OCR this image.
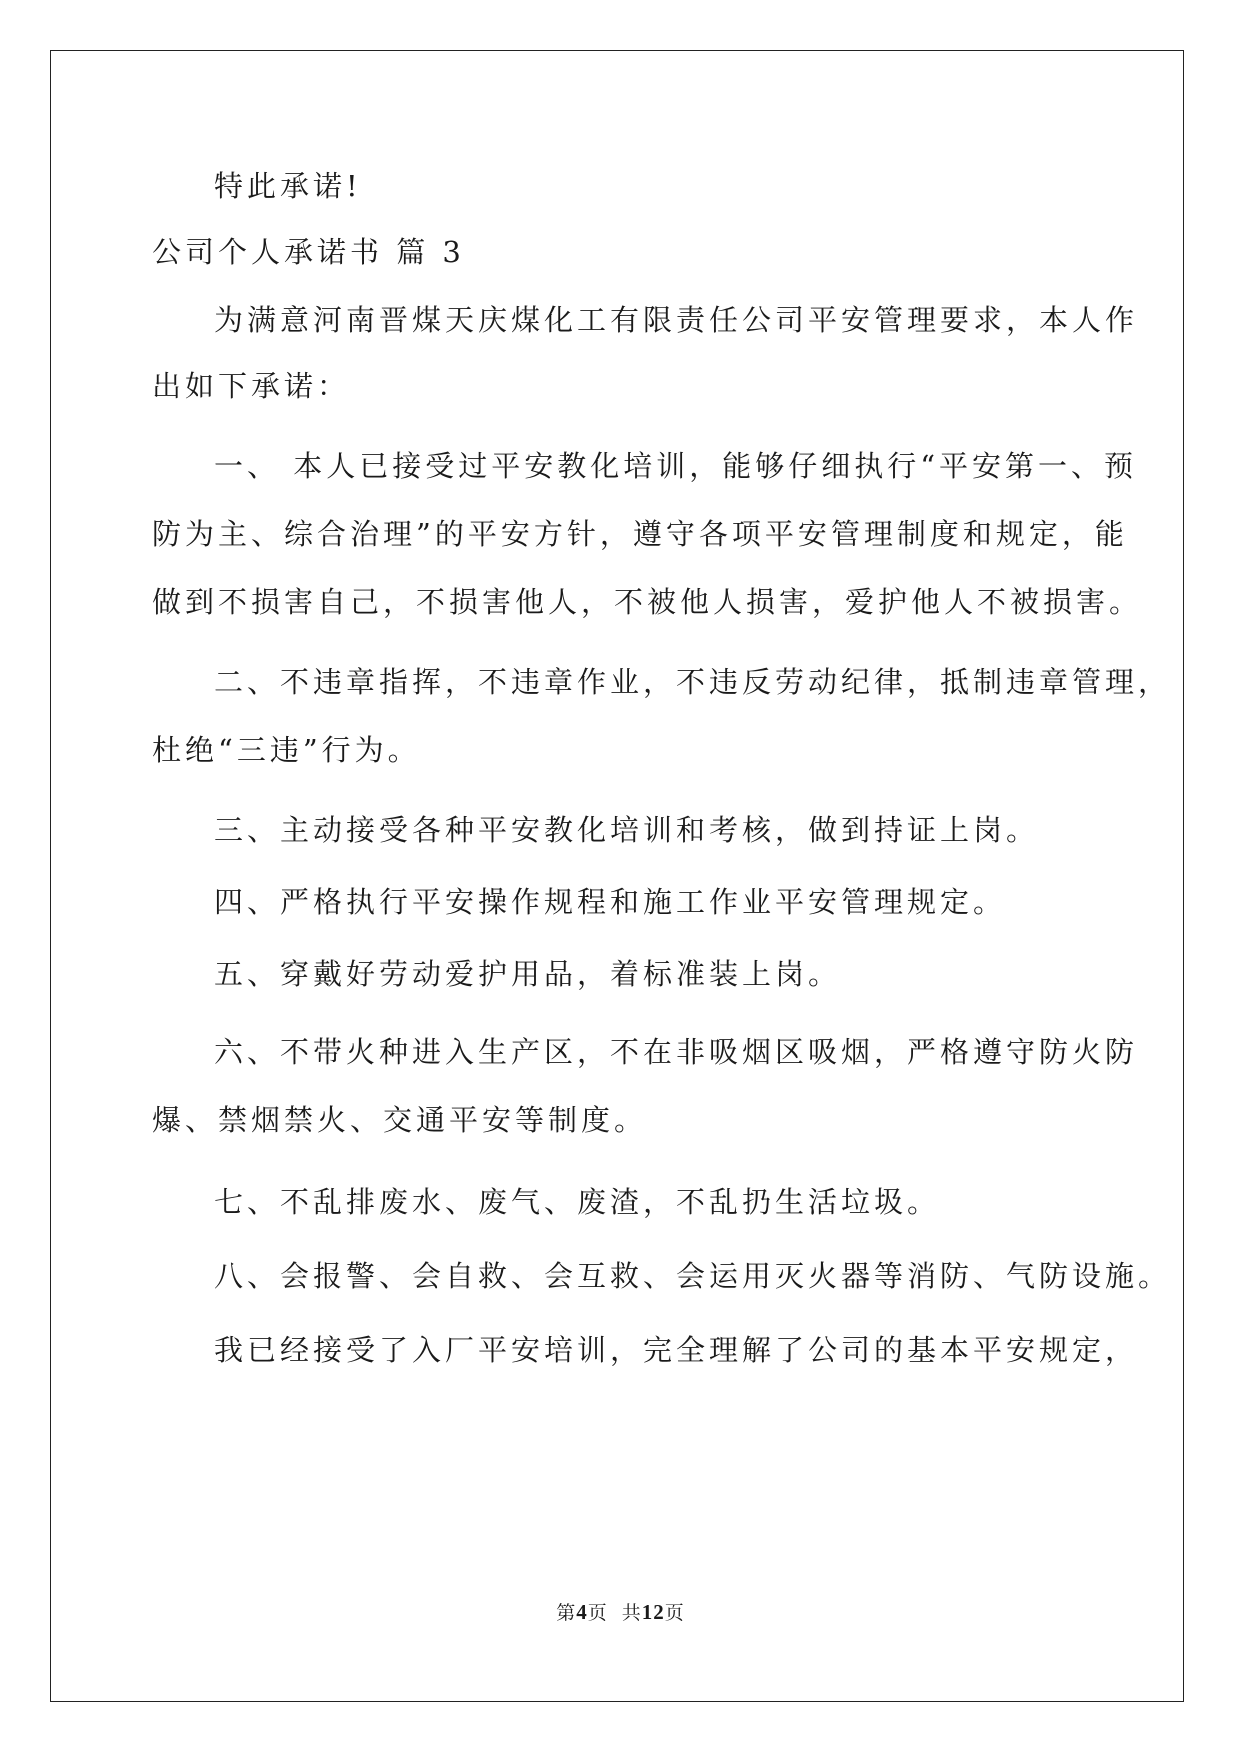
特此承诺!
公司个人承诺书 篇 3
为满意河南晋煤天庆煤化工有限责任公司平安管理要求，本人作
出如下承诺：
一、 本人已接受过平安教化培训，能够仔细执行“平安第一、预
防为主、综合治理”的平安方针，遵守各项平安管理制度和规定，能
做到不损害自己，不损害他人，不被他人损害，爱护他人不被损害。
二、不违章指挥，不违章作业，不违反劳动纪律，抵制违章管理，
杜绝“三违”行为。
三、主动接受各种平安教化培训和考核，做到持证上岗。
四、严格执行平安操作规程和施工作业平安管理规定。
五、穿戴好劳动爱护用品，着标准装上岗。
六、不带火种进入生产区，不在非吸烟区吸烟，严格遵守防火防
爆、禁烟禁火、交通平安等制度。
七、不乱排废水、废气、废渣，不乱扔生活垃圾。
八、会报警、会自救、会互救、会运用灭火器等消防、气防设施。
我已经接受了入厂平安培训，完全理解了公司的基本平安规定，
第4页  共12页
